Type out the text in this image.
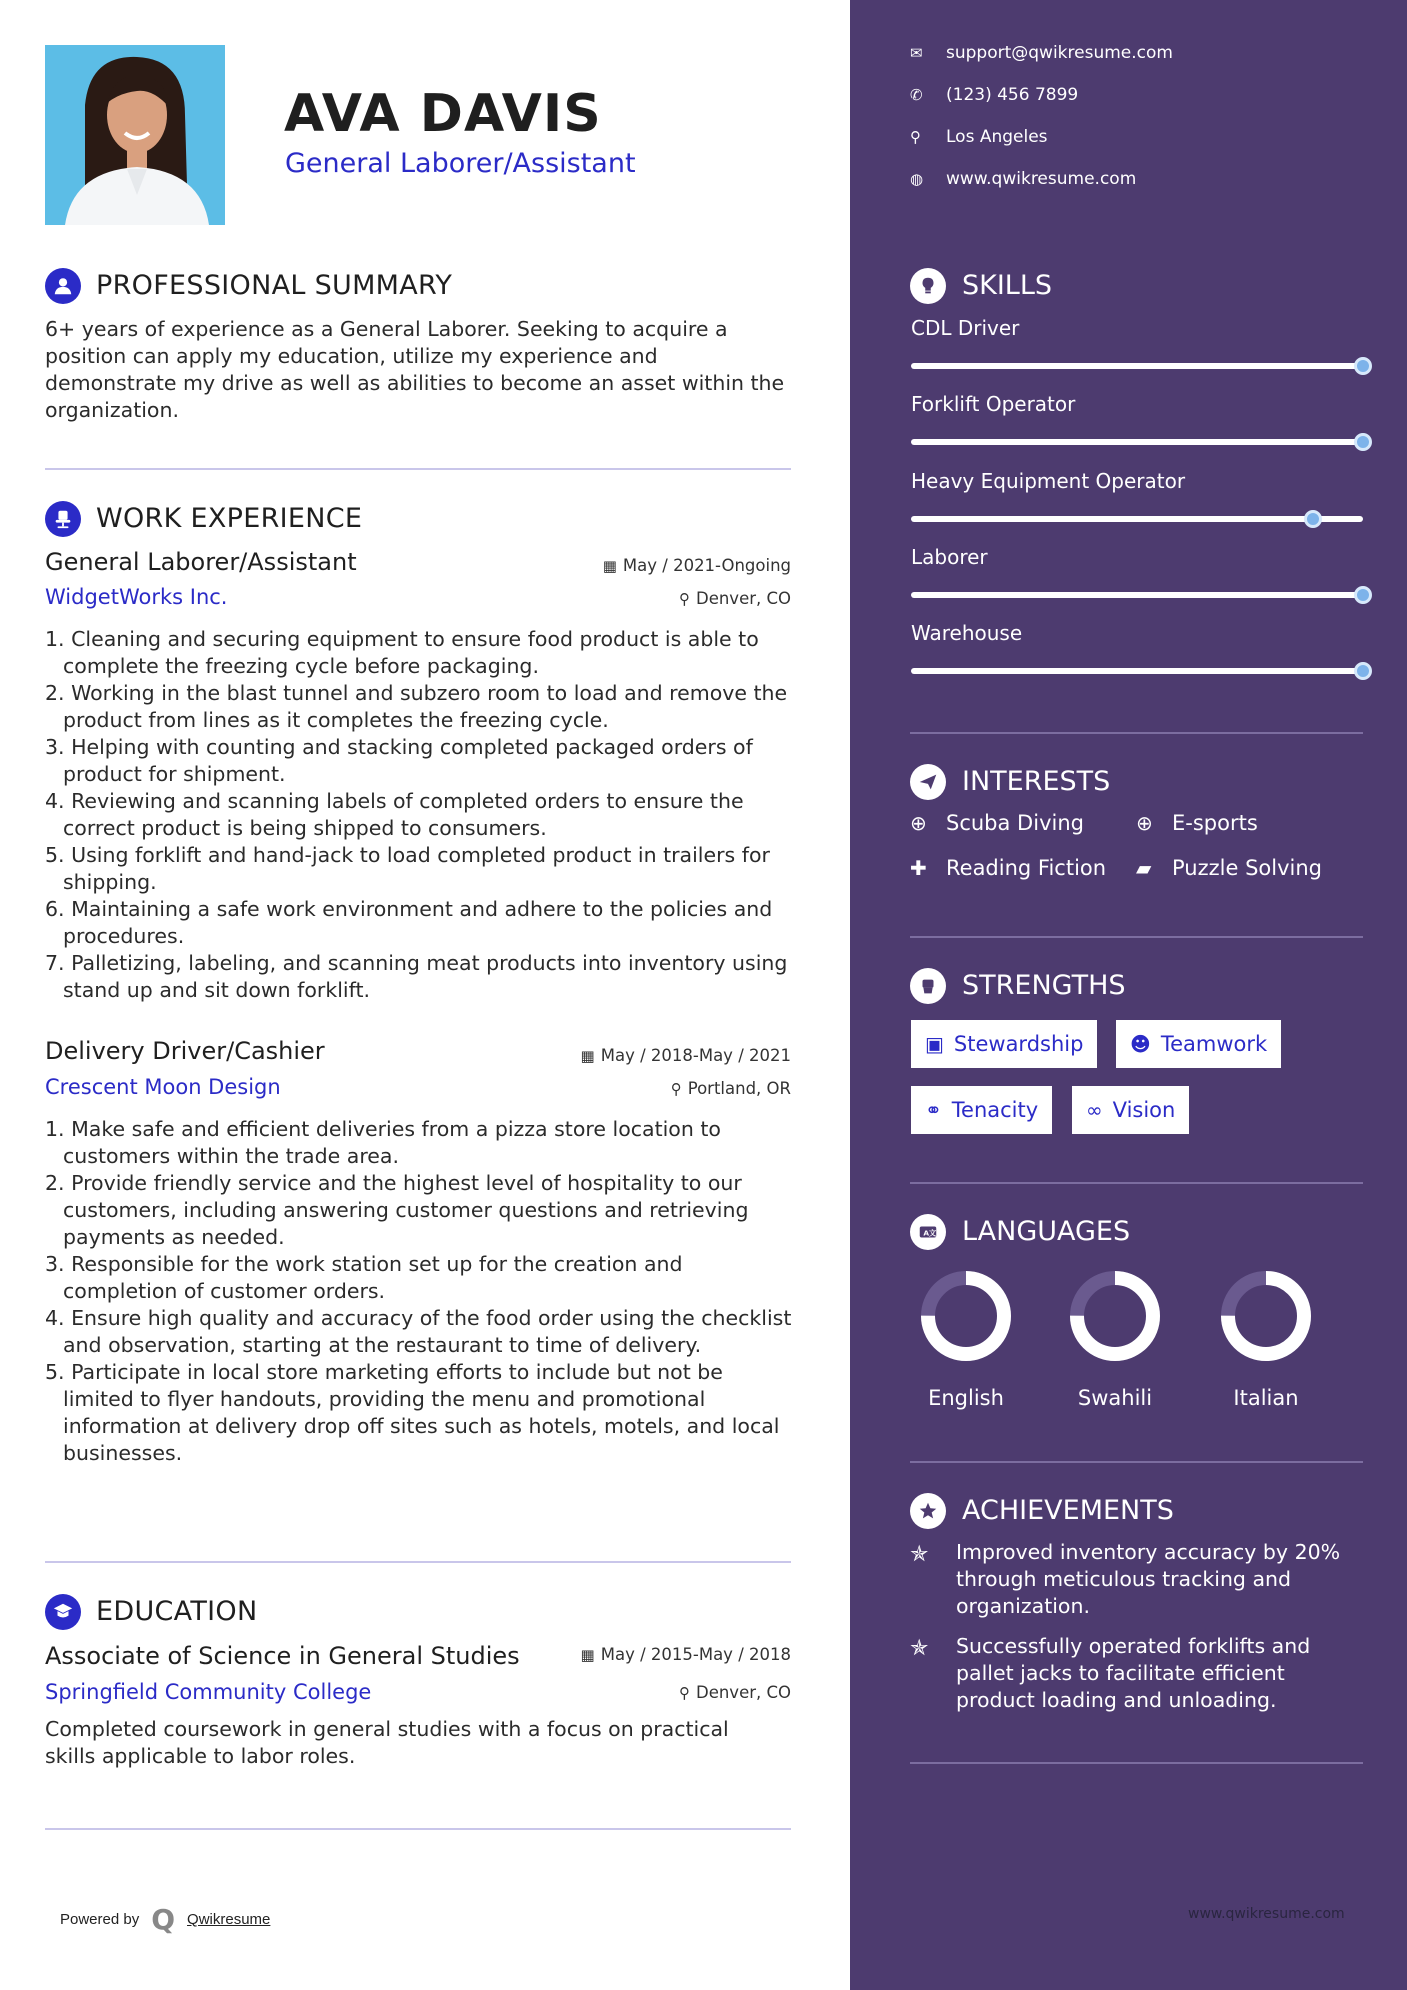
AVA DAVIS
General Laborer/Assistant
PROFESSIONAL SUMMARY
6+ years of experience as a General Laborer. Seeking to acquire a position can apply my education, utilize my experience and demonstrate my drive as well as abilities to become an asset within the organization.
WORK EXPERIENCE
General Laborer/Assistant	▦ May / 2021-Ongoing
WidgetWorks Inc.	⚲ Denver, CO
1. Cleaning and securing equipment to ensure food product is able to complete the freezing cycle before packaging.
2. Working in the blast tunnel and subzero room to load and remove the product from lines as it completes the freezing cycle.
3. Helping with counting and stacking completed packaged orders of product for shipment.
4. Reviewing and scanning labels of completed orders to ensure the correct product is being shipped to consumers.
5. Using forklift and hand-jack to load completed product in trailers for shipping.
6. Maintaining a safe work environment and adhere to the policies and procedures.
7. Palletizing, labeling, and scanning meat products into inventory using stand up and sit down forklift.
Delivery Driver/Cashier	▦ May / 2018-May / 2021
Crescent Moon Design	⚲ Portland, OR
1. Make safe and efficient deliveries from a pizza store location to customers within the trade area.
2. Provide friendly service and the highest level of hospitality to our customers, including answering customer questions and retrieving payments as needed.
3. Responsible for the work station set up for the creation and completion of customer orders.
4. Ensure high quality and accuracy of the food order using the checklist and observation, starting at the restaurant to time of delivery.
5. Participate in local store marketing efforts to include but not be limited to flyer handouts, providing the menu and promotional information at delivery drop off sites such as hotels, motels, and local businesses.
EDUCATION
Associate of Science in General Studies	▦ May / 2015-May / 2018
Springfield Community College	⚲ Denver, CO
Completed coursework in general studies with a focus on practical skills applicable to labor roles.
Powered by Q Qwikresume
✉	support@qwikresume.com
✆	(123) 456 7899
⚲	Los Angeles
◍	www.qwikresume.com
SKILLS
CDL Driver
Forklift Operator
Heavy Equipment Operator
Laborer
Warehouse
INTERESTS
⊕ Scuba Diving	⊕ E-sports
✚ Reading Fiction ▰ Puzzle Solving
STRENGTHS
▣ Stewardship ☻ Teamwork
⚭ Tenacity ∞ Vision
A 文 LANGUAGES
English	Swahili	Italian
ACHIEVEMENTS
✯	Improved inventory accuracy by 20% through meticulous tracking and organization.
✯	Successfully operated forklifts and pallet jacks to facilitate efficient product loading and unloading.
www.qwikresume.com
